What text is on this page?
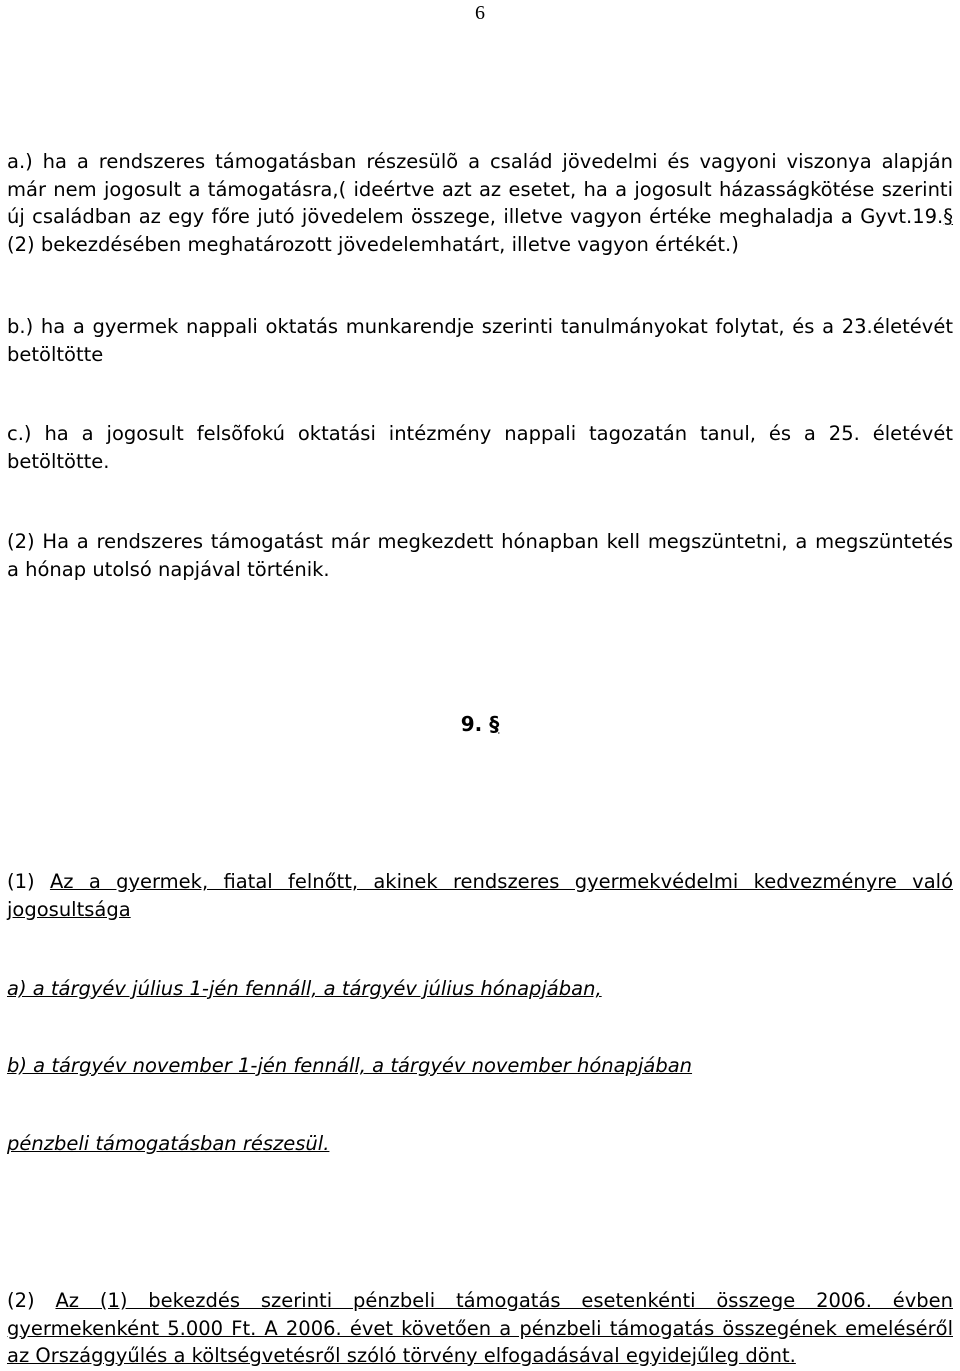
6

a.) ha a rendszeres támogatásban részesülõ a család jövedelmi és vagyoni viszonya alapján már nem jogosult a támogatásra,( ideértve azt az esetet, ha a jogosult házasságkötése szerinti új családban az egy főre jutó jövedelem összege, illetve vagyon értéke meghaladja a Gyvt.19.§ (2) bekezdésében meghatározott jövedelemhatárt, illetve vagyon értékét.)

b.) ha a gyermek nappali oktatás munkarendje szerinti tanulmányokat folytat, és a 23.életévét betöltötte

c.) ha a jogosult felsõfokú oktatási intézmény nappali tagozatán tanul, és a 25. életévét betöltötte.

(2) Ha a rendszeres támogatást már megkezdett hónapban kell megszüntetni, a megszüntetés a hónap utolsó napjával történik.

9. §

(1) Az a gyermek, fiatal felnőtt, akinek rendszeres gyermekvédelmi kedvezményre való jogosultsága

a) a tárgyév július 1-jén fennáll, a tárgyév július hónapjában,

b) a tárgyév november 1-jén fennáll, a tárgyév november hónapjában

pénzbeli támogatásban részesül.

(2) Az (1) bekezdés szerinti pénzbeli támogatás esetenkénti összege 2006. évben gyermekenként 5.000 Ft. A 2006. évet követően a pénzbeli támogatás összegének emeléséről az Országgyűlés a költségvetésről szóló törvény elfogadásával egyidejűleg dönt.
